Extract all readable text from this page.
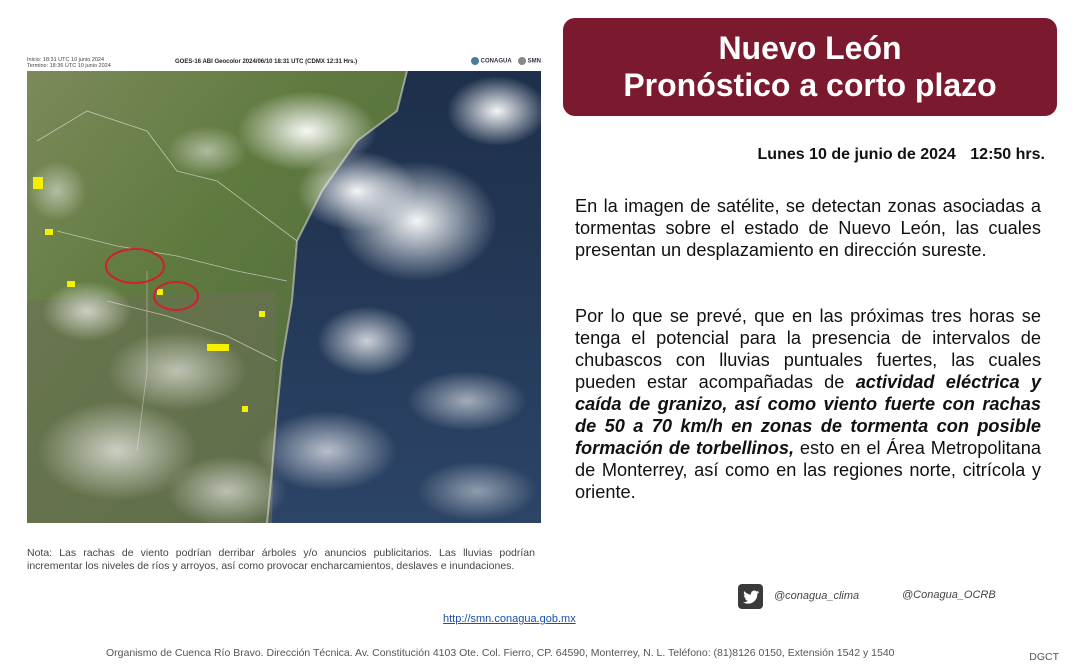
Inicio: 18:31 UTC 10 junio 2024
Termino: 18:36 UTC 10 junio 2024
GOES-16 ABI Geocolor 2024/06/10 18:31 UTC (CDMX 12:31 Hrs.)	CONAGUA	SMN	Nuevo León
Pronóstico a corto plazo
Lunes 10 de junio de 2024 12:50 hrs.

En la imagen de satélite, se detectan zonas asociadas a tormentas sobre el estado de Nuevo León, las cuales presentan un desplazamiento en dirección sureste.

Por lo que se prevé, que en las próximas tres horas se tenga el potencial para la presencia de intervalos de chubascos con lluvias puntuales fuertes, las cuales pueden estar acompañadas de actividad eléctrica y caída de granizo, así como viento fuerte con rachas de 50 a 70 km/h en zonas de tormenta con posible formación de torbellinos, esto en el Área Metropolitana de Monterrey, así como en las regiones norte, citrícola y oriente.

Nota: Las rachas de viento podrían derribar árboles y/o anuncios publicitarios. Las lluvias podrían incrementar los niveles de ríos y arroyos, así como provocar encharcamientos, deslaves e inundaciones.

@conagua_clima	@Conagua_OCRB
http://smn.conagua.gob.mx
Organismo de Cuenca Río Bravo. Dirección Técnica. Av. Constitución 4103 Ote. Col. Fierro, CP. 64590, Monterrey, N. L. Teléfono: (81)8126 0150, Extensión 1542 y 1540	DGCT
